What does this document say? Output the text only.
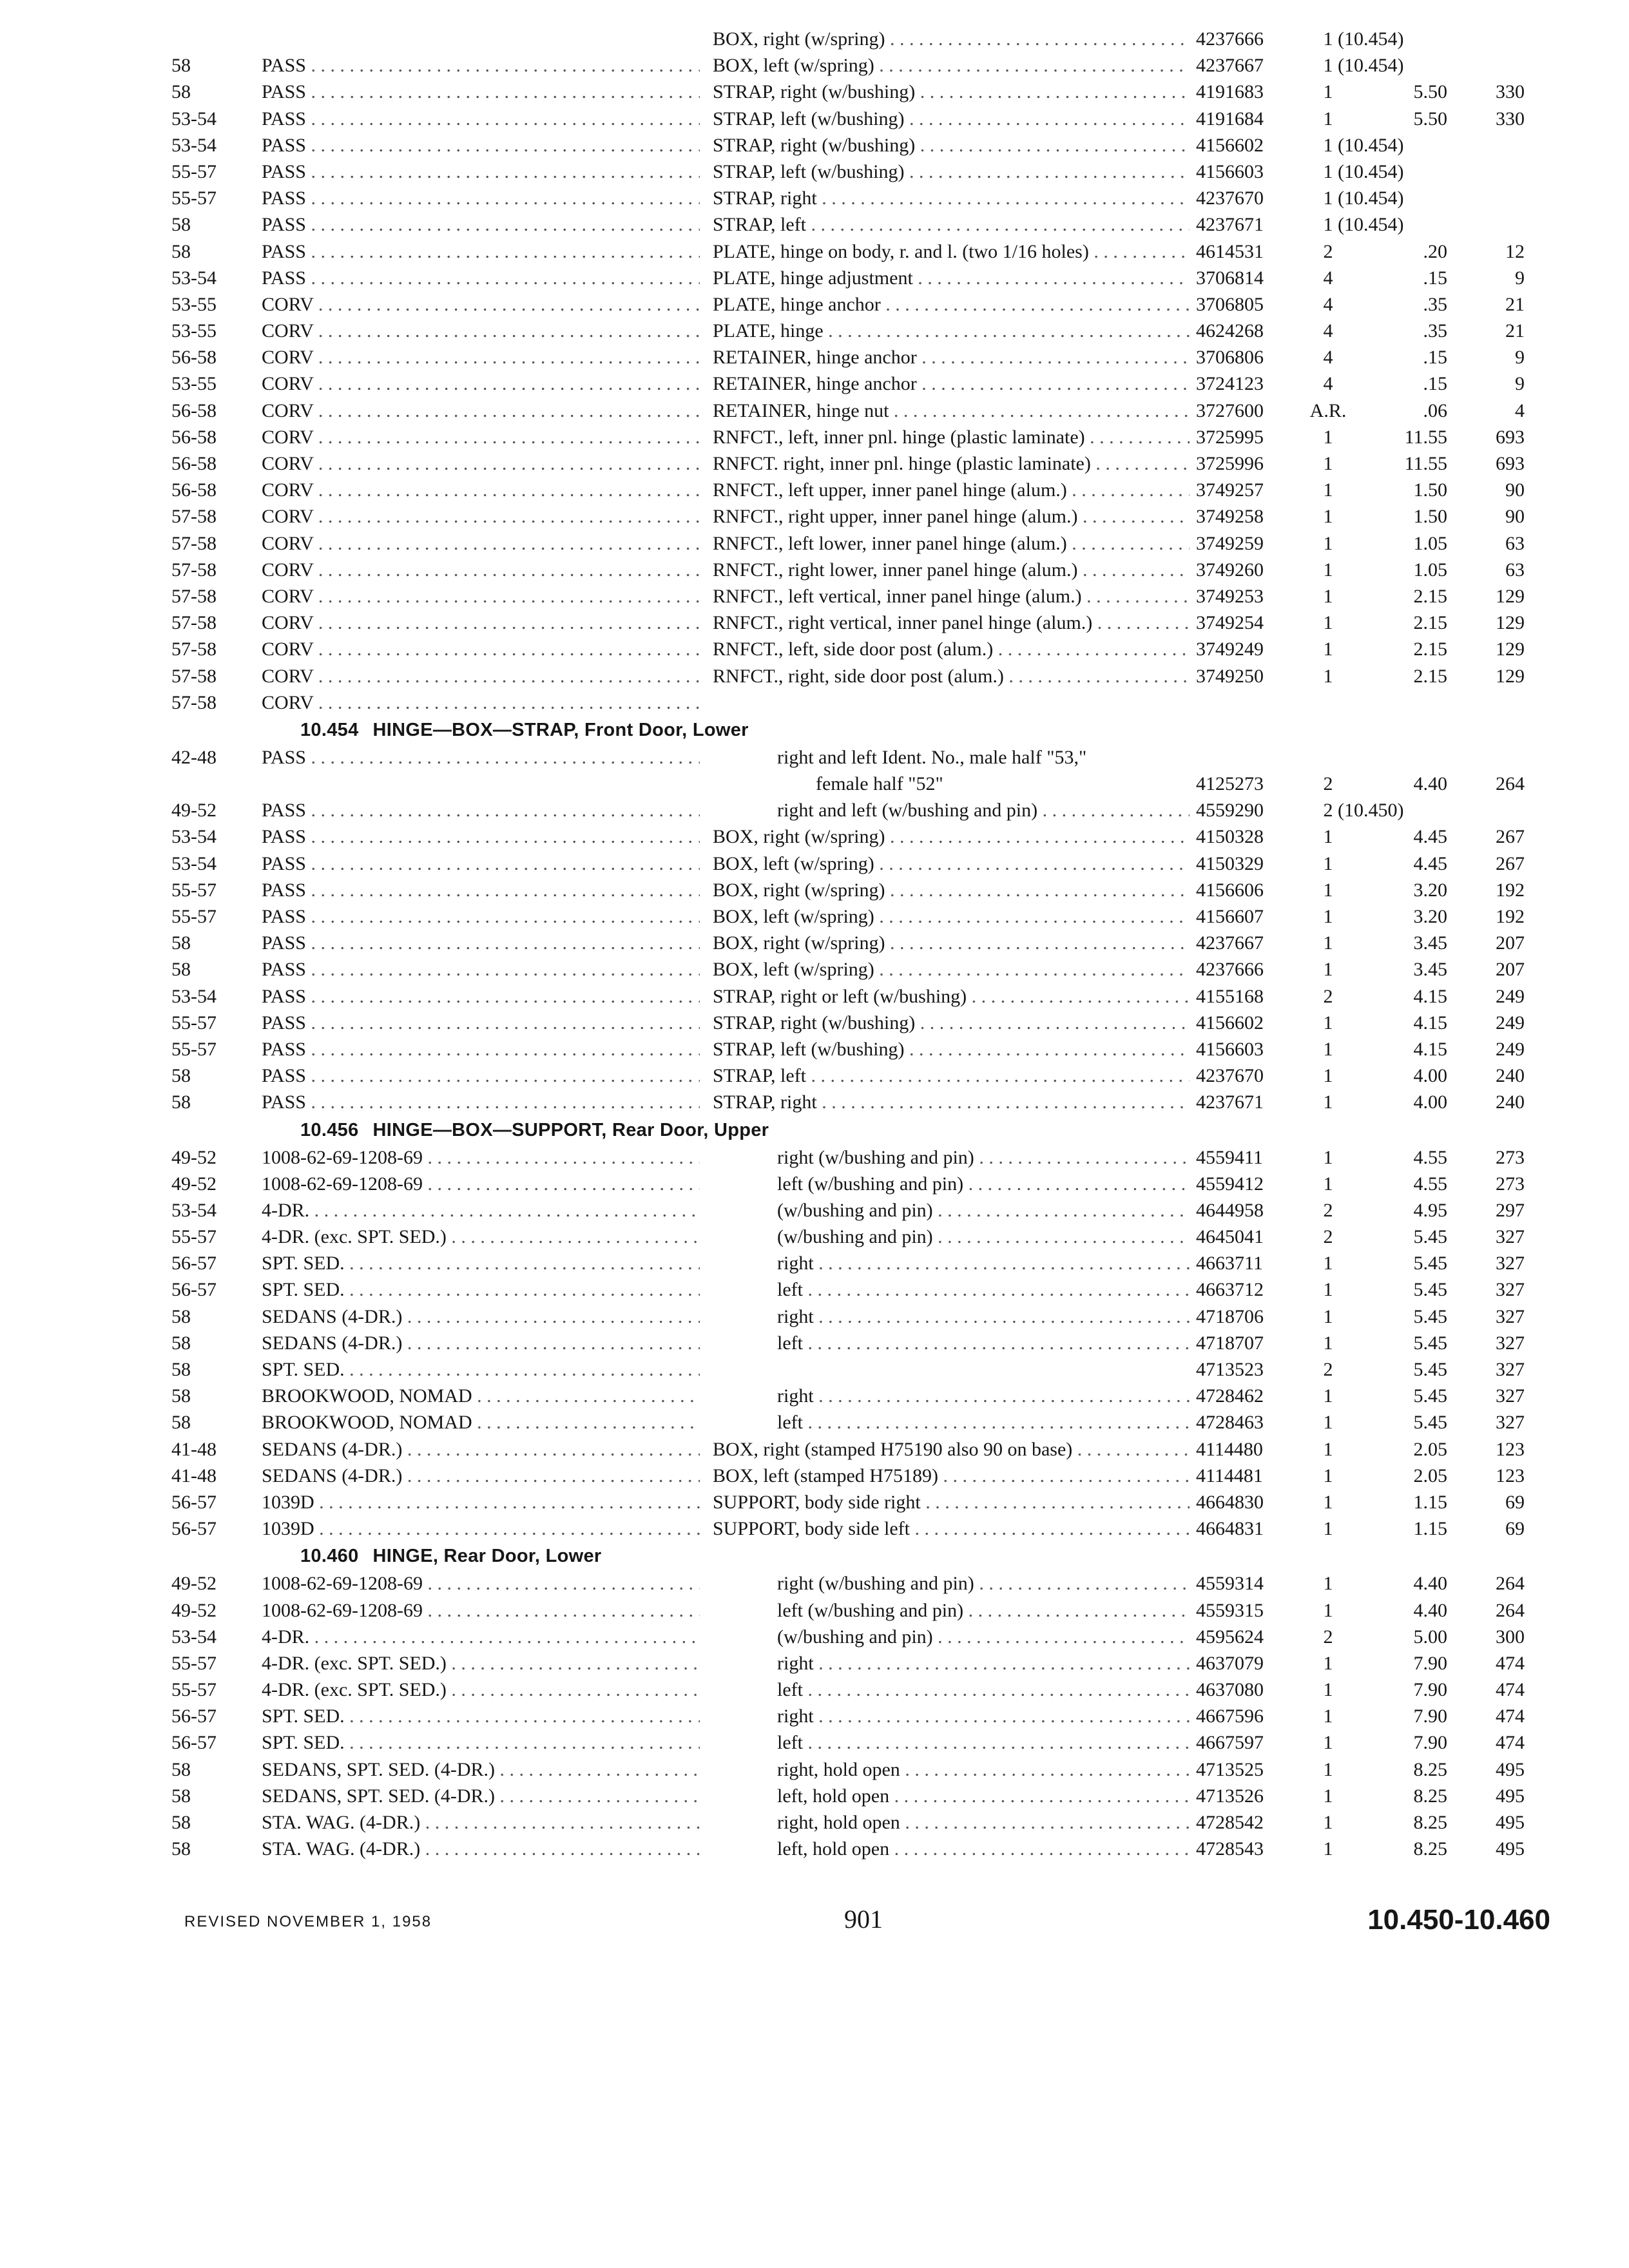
BOX, right (w/spring) . . .	4237666	1 (10.454)
58	PASS . . .	BOX, left (w/spring) . . .	4237667	1 (10.454)
58	PASS . . .	STRAP, right (w/bushing) . . .	4191683	1	5.50	330
53-54	PASS . . .	STRAP, left (w/bushing) . . .	4191684	1	5.50	330
53-54	PASS . . .	STRAP, right (w/bushing) . . .	4156602	1 (10.454)
55-57	PASS . . .	STRAP, left (w/bushing) . . .	4156603	1 (10.454)
55-57	PASS . . .	STRAP, right . . .	4237670	1 (10.454)
58	PASS . . .	STRAP, left . . .	4237671	1 (10.454)
58	PASS . . .	PLATE, hinge on body, r. and l. (two 1/16 holes) . . .	4614531	2	.20	12
53-54	PASS . . .	PLATE, hinge adjustment . . .	3706814	4	.15	9
53-55	CORV . . .	PLATE, hinge anchor . . .	3706805	4	.35	21
53-55	CORV . . .	PLATE, hinge . . .	4624268	4	.35	21
56-58	CORV . . .	RETAINER, hinge anchor . . .	3706806	4	.15	9
53-55	CORV . . .	RETAINER, hinge anchor . . .	3724123	4	.15	9
56-58	CORV . . .	RETAINER, hinge nut . . .	3727600	A.R.	.06	4
56-58	CORV . . .	RNFCT., left, inner pnl. hinge (plastic laminate) . . .	3725995	1	11.55	693
56-58	CORV . . .	RNFCT. right, inner pnl. hinge (plastic laminate) . . .	3725996	1	11.55	693
56-58	CORV . . .	RNFCT., left upper, inner panel hinge (alum.) . . .	3749257	1	1.50	90
57-58	CORV . . .	RNFCT., right upper, inner panel hinge (alum.) . . .	3749258	1	1.50	90
57-58	CORV . . .	RNFCT., left lower, inner panel hinge (alum.) . . .	3749259	1	1.05	63
57-58	CORV . . .	RNFCT., right lower, inner panel hinge (alum.) . . .	3749260	1	1.05	63
57-58	CORV . . .	RNFCT., left vertical, inner panel hinge (alum.) . . .	3749253	1	2.15	129
57-58	CORV . . .	RNFCT., right vertical, inner panel hinge (alum.) . . .	3749254	1	2.15	129
57-58	CORV . . .	RNFCT., left, side door post (alum.) . . .	3749249	1	2.15	129
57-58	CORV . . .	RNFCT., right, side door post (alum.) . . .	3749250	1	2.15	129
57-58	CORV . . .
10.454 HINGE—BOX—STRAP, Front Door, Lower
42-48	PASS . . .	right and left Ident. No., male half "53,"
female half "52"	4125273	2	4.40	264
49-52	PASS . . .	right and left (w/bushing and pin) . . .	4559290	2 (10.450)
53-54	PASS . . .	BOX, right (w/spring) . . .	4150328	1	4.45	267
53-54	PASS . . .	BOX, left (w/spring) . . .	4150329	1	4.45	267
55-57	PASS . . .	BOX, right (w/spring) . . .	4156606	1	3.20	192
55-57	PASS . . .	BOX, left (w/spring) . . .	4156607	1	3.20	192
58	PASS . . .	BOX, right (w/spring) . . .	4237667	1	3.45	207
58	PASS . . .	BOX, left (w/spring) . . .	4237666	1	3.45	207
53-54	PASS . . .	STRAP, right or left (w/bushing) . . .	4155168	2	4.15	249
55-57	PASS . . .	STRAP, right (w/bushing) . . .	4156602	1	4.15	249
55-57	PASS . . .	STRAP, left (w/bushing) . . .	4156603	1	4.15	249
58	PASS . . .	STRAP, left . . .	4237670	1	4.00	240
58	PASS . . .	STRAP, right . . .	4237671	1	4.00	240
10.456 HINGE—BOX—SUPPORT, Rear Door, Upper
49-52	1008-62-69-1208-69 . . .	right (w/bushing and pin) . . .	4559411	1	4.55	273
49-52	1008-62-69-1208-69 . . .	left (w/bushing and pin) . . .	4559412	1	4.55	273
53-54	4-DR. . . .	(w/bushing and pin) . . .	4644958	2	4.95	297
55-57	4-DR. (exc. SPT. SED.) . . .	(w/bushing and pin) . . .	4645041	2	5.45	327
56-57	SPT. SED. . . .	right . . .	4663711	1	5.45	327
56-57	SPT. SED. . . .	left . . .	4663712	1	5.45	327
58	SEDANS (4-DR.) . . .	right . . .	4718706	1	5.45	327
58	SEDANS (4-DR.) . . .	left . . .	4718707	1	5.45	327
58	SPT. SED. . . .	4713523	2	5.45	327
58	BROOKWOOD, NOMAD . . .	right . . .	4728462	1	5.45	327
58	BROOKWOOD, NOMAD . . .	left . . .	4728463	1	5.45	327
41-48	SEDANS (4-DR.) . . .	BOX, right (stamped H75190 also 90 on base) . . .	4114480	1	2.05	123
41-48	SEDANS (4-DR.) . . .	BOX, left (stamped H75189) . . .	4114481	1	2.05	123
56-57	1039D . . .	SUPPORT, body side right . . .	4664830	1	1.15	69
56-57	1039D . . .	SUPPORT, body side left . . .	4664831	1	1.15	69
10.460 HINGE, Rear Door, Lower
49-52	1008-62-69-1208-69 . . .	right (w/bushing and pin) . . .	4559314	1	4.40	264
49-52	1008-62-69-1208-69 . . .	left (w/bushing and pin) . . .	4559315	1	4.40	264
53-54	4-DR. . . .	(w/bushing and pin) . . .	4595624	2	5.00	300
55-57	4-DR. (exc. SPT. SED.) . . .	right . . .	4637079	1	7.90	474
55-57	4-DR. (exc. SPT. SED.) . . .	left . . .	4637080	1	7.90	474
56-57	SPT. SED. . . .	right . . .	4667596	1	7.90	474
56-57	SPT. SED. . . .	left . . .	4667597	1	7.90	474
58	SEDANS, SPT. SED. (4-DR.) . . .	right, hold open . . .	4713525	1	8.25	495
58	SEDANS, SPT. SED. (4-DR.) . . .	left, hold open . . .	4713526	1	8.25	495
58	STA. WAG. (4-DR.) . . .	right, hold open . . .	4728542	1	8.25	495
58	STA. WAG. (4-DR.) . . .	left, hold open . . .	4728543	1	8.25	495
REVISED NOVEMBER 1, 1958	901	10.450-10.460
